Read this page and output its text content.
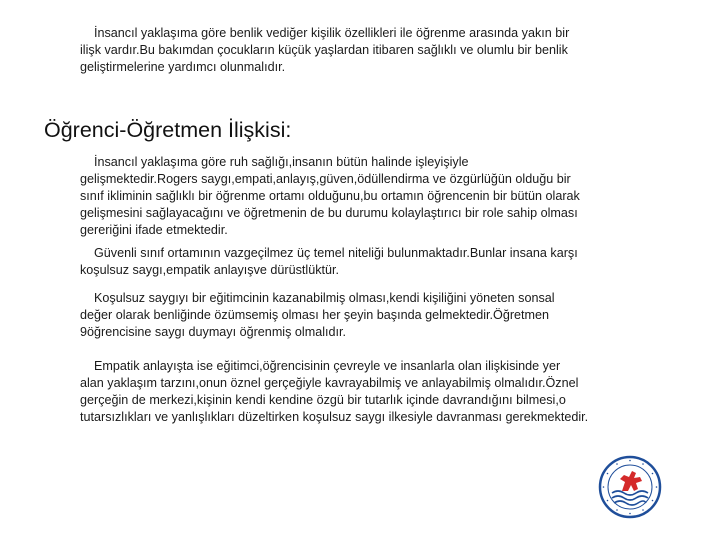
İnsancıl yaklaşıma göre benlik vediğer kişilik özellikleri ile öğrenme arasında yakın bir
ilişk vardır.Bu bakımdan çocukların küçük yaşlardan itibaren sağlıklı ve olumlu bir benlik
geliştirmelerine yardımcı olunmalıdır.
Öğrenci-Öğretmen İlişkisi:
İnsancıl yaklaşıma göre ruh sağlığı,insanın bütün halinde işleyişiyle
gelişmektedir.Rogers saygı,empati,anlayış,güven,ödüllendirma ve özgürlüğün olduğu bir
sınıf ikliminin sağlıklı bir öğrenme ortamı olduğunu,bu ortamın öğrencenin bir bütün olarak
gelişmesini sağlayacağını ve öğretmenin de bu durumu kolaylaştırıcı bir role sahip olması
gereriğini ifade etmektedir.
Güvenli sınıf ortamının vazgeçilmez üç temel niteliği bulunmaktadır.Bunlar insana karşı
koşulsuz saygı,empatik anlayışve dürüstlüktür.
Koşulsuz saygıyı bir eğitimcinin kazanabilmiş olması,kendi kişiliğini yöneten sonsal
değer olarak benliğinde özümsemiş olması her şeyin başında gelmektedir.Öğretmen
9öğrencisine saygı duymayı öğrenmiş olmalıdır.
Empatik anlayışta ise eğitimci,öğrencisinin çevreyle ve insanlarla olan ilişkisinde yer
alan yaklaşım tarzını,onun öznel gerçeğiyle kavrayabilmiş ve anlayabilmiş olmalıdır.Öznel
gerçeğin de merkezi,kişinin kendi kendine özgü bir tutarlık içinde davrandığını bilmesi,o
tutarsızlıkları ve yanlışlıkları düzeltirken koşulsuz saygı ilkesiyle davranması gerekmektedir.
